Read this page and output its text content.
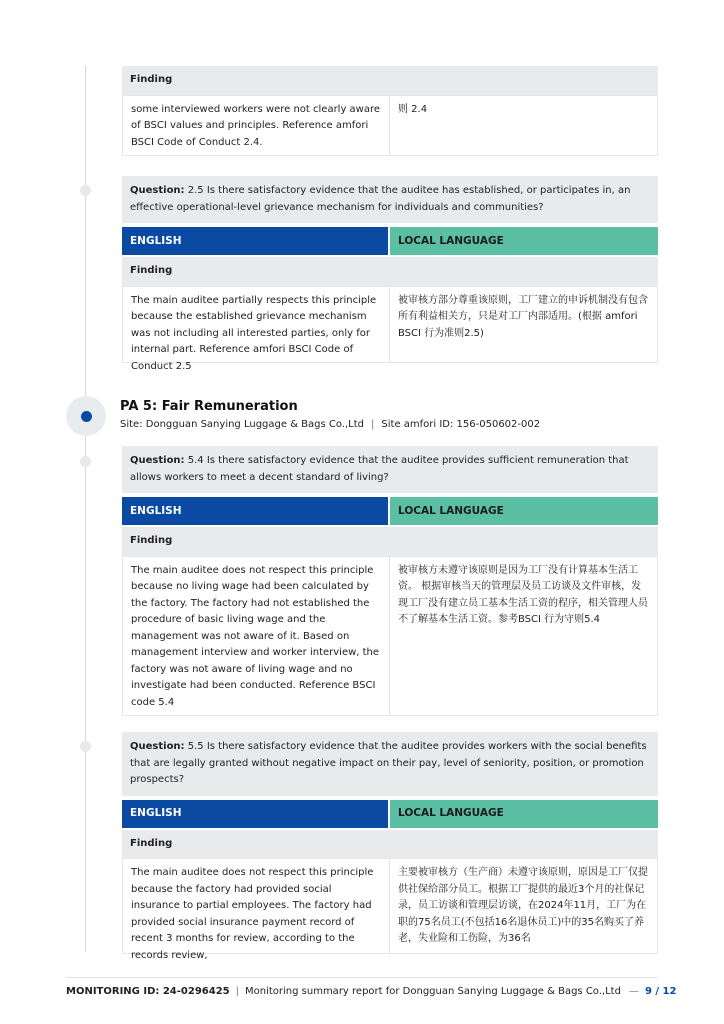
Finding
some interviewed workers were not clearly aware of BSCI values and principles. Reference amfori BSCI Code of Conduct 2.4.
则 2.4
Question: 2.5 Is there satisfactory evidence that the auditee has established, or participates in, an effective operational-level grievance mechanism for individuals and communities?
ENGLISH	LOCAL LANGUAGE
Finding
The main auditee partially respects this principle because the established grievance mechanism was not including all interested parties, only for internal part. Reference amfori BSCI Code of Conduct 2.5
被审核方部分尊重该原则，工厂建立的申诉机制没有包含所有利益相关方，只是对工厂内部适用。(根据 amfori BSCI 行为准则2.5)
PA 5: Fair Remuneration
Site: Dongguan Sanying Luggage & Bags Co.,Ltd | Site amfori ID: 156-050602-002
Question: 5.4 Is there satisfactory evidence that the auditee provides sufficient remuneration that allows workers to meet a decent standard of living?
ENGLISH	LOCAL LANGUAGE
Finding
The main auditee does not respect this principle because no living wage had been calculated by the factory. The factory had not established the procedure of basic living wage and the management was not aware of it. Based on management interview and worker interview, the factory was not aware of living wage and no investigate had been conducted. Reference BSCI code 5.4
被审核方未遵守该原则是因为工厂没有计算基本生活工资。 根据审核当天的管理层及员工访谈及文件审核，发现工厂没有建立员工基本生活工资的程序，相关管理人员不了解基本生活工资。参考BSCI 行为守则5.4
Question: 5.5 Is there satisfactory evidence that the auditee provides workers with the social benefits that are legally granted without negative impact on their pay, level of seniority, position, or promotion prospects?
ENGLISH	LOCAL LANGUAGE
Finding
The main auditee does not respect this principle because the factory had provided social insurance to partial employees. The factory had provided social insurance payment record of recent 3 months for review, according to the records review,
主要被审核方（生产商）未遵守该原则，原因是工厂仅提供社保给部分员工。根据工厂提供的最近3个月的社保记录，员工访谈和管理层访谈，在2024年11月，工厂为在职的75名员工(不包括16名退休员工)中的35名购买了养老，失业险和工伤险，为36名
MONITORING ID: 24-0296425 | Monitoring summary report for Dongguan Sanying Luggage & Bags Co.,Ltd — 9 / 12
